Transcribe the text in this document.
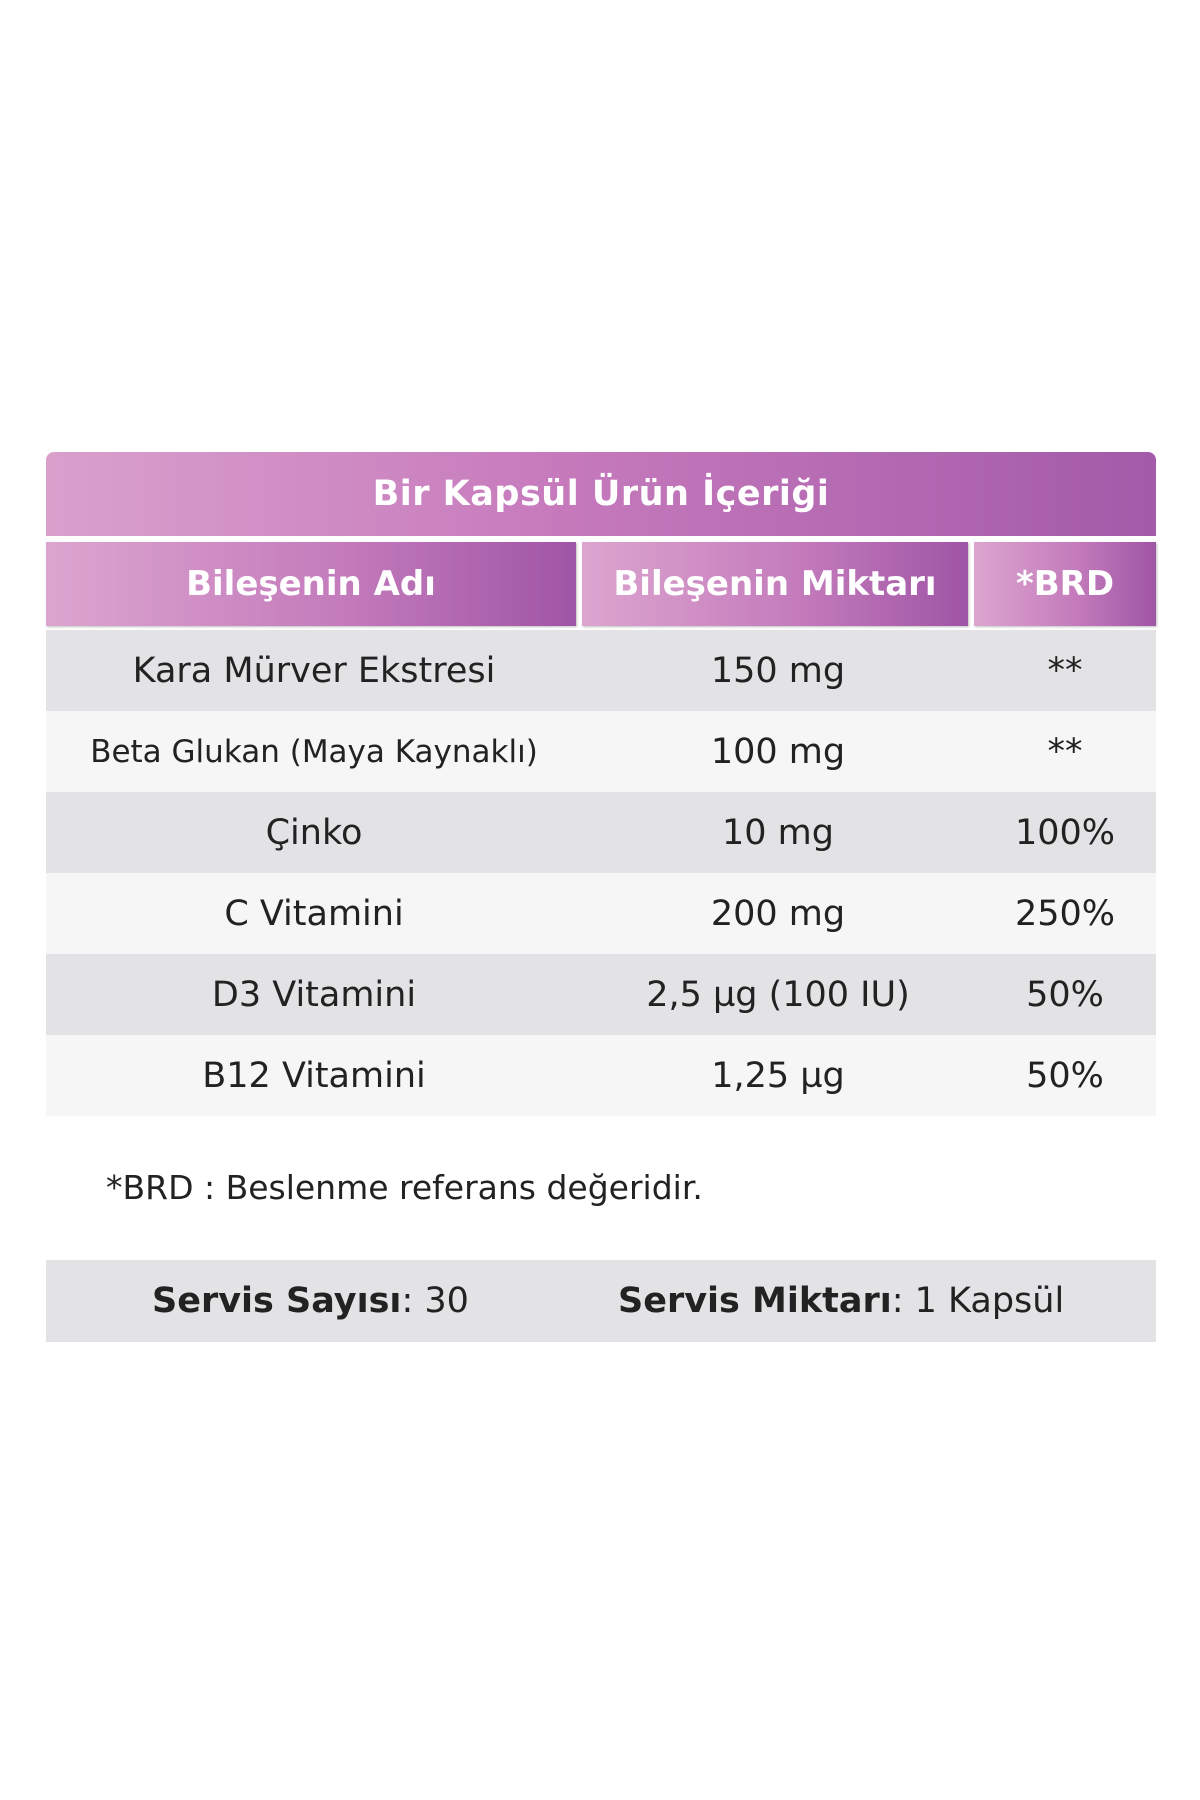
Bir Kapsül Ürün İçeriği
Bileşenin Adı	Bileşenin Miktarı	*BRD
Kara Mürver Ekstresi	150 mg	**
Beta Glukan (Maya Kaynaklı)	100 mg	**
Çinko	10 mg	100%
C Vitamini	200 mg	250%
D3 Vitamini	2,5 µg (100 IU)	50%
B12 Vitamini	1,25 µg	50%
*BRD : Beslenme referans değeridir.
Servis Sayısı: 30	Servis Miktarı: 1 Kapsül
